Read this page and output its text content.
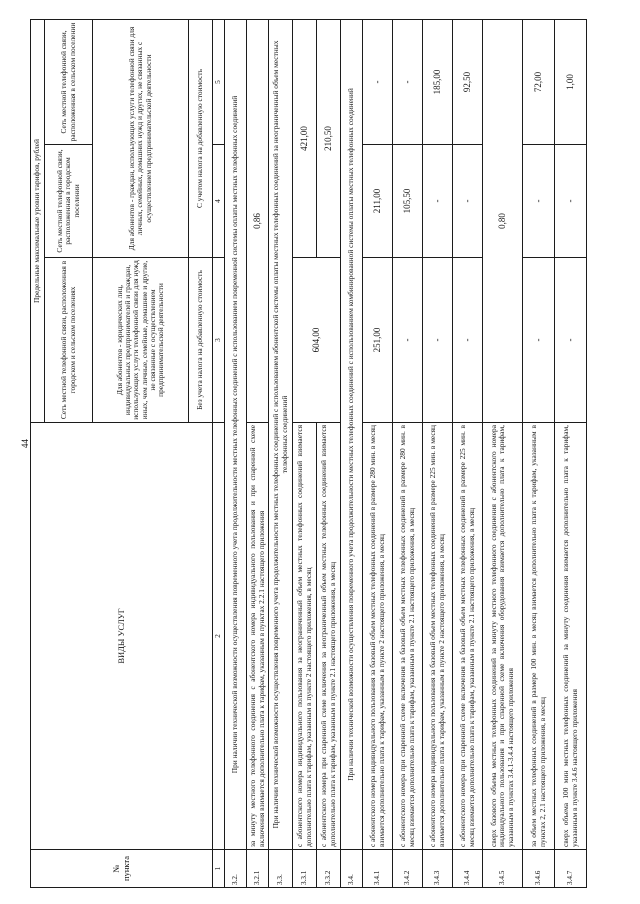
44
№ пункта	ВИДЫ УСЛУГ	Предельные максимальные уровни тарифов, рублей		
		Сеть местной телефонной связи, расположенная в городском и сельском поселениях	Сеть местной телефонной связи, расположенная в городском поселении	Сеть местной телефонной связи, расположенная в сельском поселении
		Для абонентов - юридических лиц, индивидуальных предпринимателей и граждан, использующих услуги телефонной связи для нужд иных, чем личные, семейные, домашние и другие, не связанные с осуществлением предпринимательской деятельности	Для абонентов - граждан, использующих услуги телефонной связи для личных, семейных, домашних нужд и других, не связанных с осуществлением предпринимательской деятельности	
		Без учета налога на добавленную стоимость	С учетом налога на добавленную стоимость	
1	2	3	4	5
3.2.	При наличии технической возможности осуществления повременного учета продолжительности местных телефонных соединений с использованием повременной системы оплаты местных телефонных соединений			
3.2.1	за минуту местного телефонного соединения с абонентского номера индивидуального пользования и при спаренной схеме включения взимается дополнительно плата к тарифам, указанным в пунктах 2.2.1 настоящего приложения	0,86		
3.3.	При наличии технической возможности осуществления повременного учета продолжительности местных телефонных соединений с использованием абонентской системы оплаты местных телефонных соединений за неограниченный объем местных телефонных соединений			
3.3.1	с абонентского номера индивидуального пользования за неограниченный объем местных телефонных соединений взимается дополнительно плата к тарифам, указанным в пункте 2 настоящего приложения, в месяц	604,00	421,00	
3.3.2	с абонентского номера при спаренной схеме включения за неограниченный объем местных телефонных соединений взимается дополнительно плата к тарифам, указанным в пункте 2.1 настоящего приложения, в месяц		210,50	
3.4.	При наличии технической возможности осуществления повременного учета продолжительности местных телефонных соединений с использованием комбинированной системы оплаты местных телефонных соединений			
3.4.1	с абонентского номера индивидуального пользования за базовый объем местных телефонных соединений в размере 280 мин. в месяц взимается дополнительно плата к тарифам, указанным в пункте 2 настоящего приложения, в месяц	251,00	211,00	-
3.4.2	с абонентского номера при спаренной схеме включения за базовый объем местных телефонных соединений в размере 280 мин. в месяц взимается дополнительно плата к тарифам, указанным в пункте 2.1 настоящего приложения, в месяц	-	105,50	-
3.4.3	с абонентского номера индивидуального пользования за базовый объем местных телефонных соединений в размере 225 мин. в месяц взимается дополнительно плата к тарифам, указанным в пункте 2 настоящего приложения, в месяц	-	-	185,00
3.4.4	с абонентского номера при спаренной схеме включения за базовый объем местных телефонных соединений в размере 225 мин. в месяц взимается дополнительно плата к тарифам, указанным в пункте 2.1 настоящего приложения, в месяц	-	-	92,50
3.4.5	сверх базового объема местных телефонных соединений за минуту местного телефонного соединения с абонентского номера индивидуального пользования и при спаренной схеме включения оборудования взимается дополнительно плата к тарифам, указанным в пунктах 3.4.1-3.4.4 настоящего приложения	0,80		
3.4.6	за объем местных телефонных соединений в размере 100 мин. в месяц взимается дополнительно плата к тарифам, указанным в пунктах 2, 2.1 настоящего приложения, в месяц	-	-	72,00
3.4.7	сверх объема 100 мин местных телефонных соединений за минуту соединения взимается дополнительно плата к тарифам, указанным в пункте 3.4.6 настоящего приложения	-	-	1,00
